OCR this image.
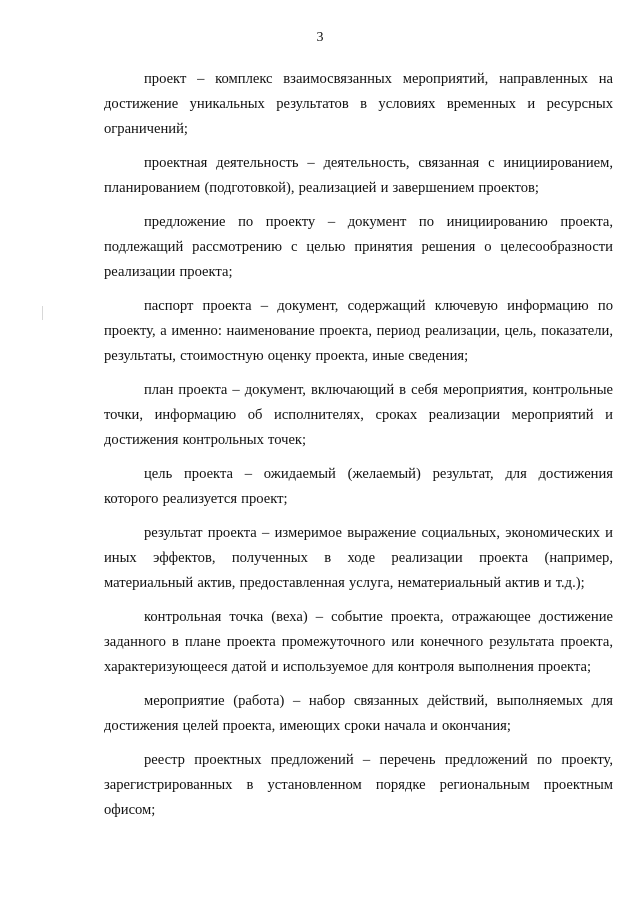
3

проект – комплекс взаимосвязанных мероприятий, направленных на достижение уникальных результатов в условиях временных и ресурсных ограничений;

проектная деятельность – деятельность, связанная с инициированием, планированием (подготовкой), реализацией и завершением проектов;

предложение по проекту – документ по инициированию проекта, подлежащий рассмотрению с целью принятия решения о целесообразности реализации проекта;

паспорт проекта – документ, содержащий ключевую информацию по проекту, а именно: наименование проекта, период реализации, цель, показатели, результаты, стоимостную оценку проекта, иные сведения;

план проекта – документ, включающий в себя мероприятия, контрольные точки, информацию об исполнителях, сроках реализации мероприятий и достижения контрольных точек;

цель проекта – ожидаемый (желаемый) результат, для достижения которого реализуется проект;

результат проекта – измеримое выражение социальных, экономических и иных эффектов, полученных в ходе реализации проекта (например, материальный актив, предоставленная услуга, нематериальный актив и т.д.);

контрольная точка (веха) – событие проекта, отражающее достижение заданного в плане проекта промежуточного или конечного результата проекта, характеризующееся датой и используемое для контроля выполнения проекта;

мероприятие (работа) – набор связанных действий, выполняемых для достижения целей проекта, имеющих сроки начала и окончания;

реестр проектных предложений – перечень предложений по проекту, зарегистрированных в установленном порядке региональным проектным офисом;
